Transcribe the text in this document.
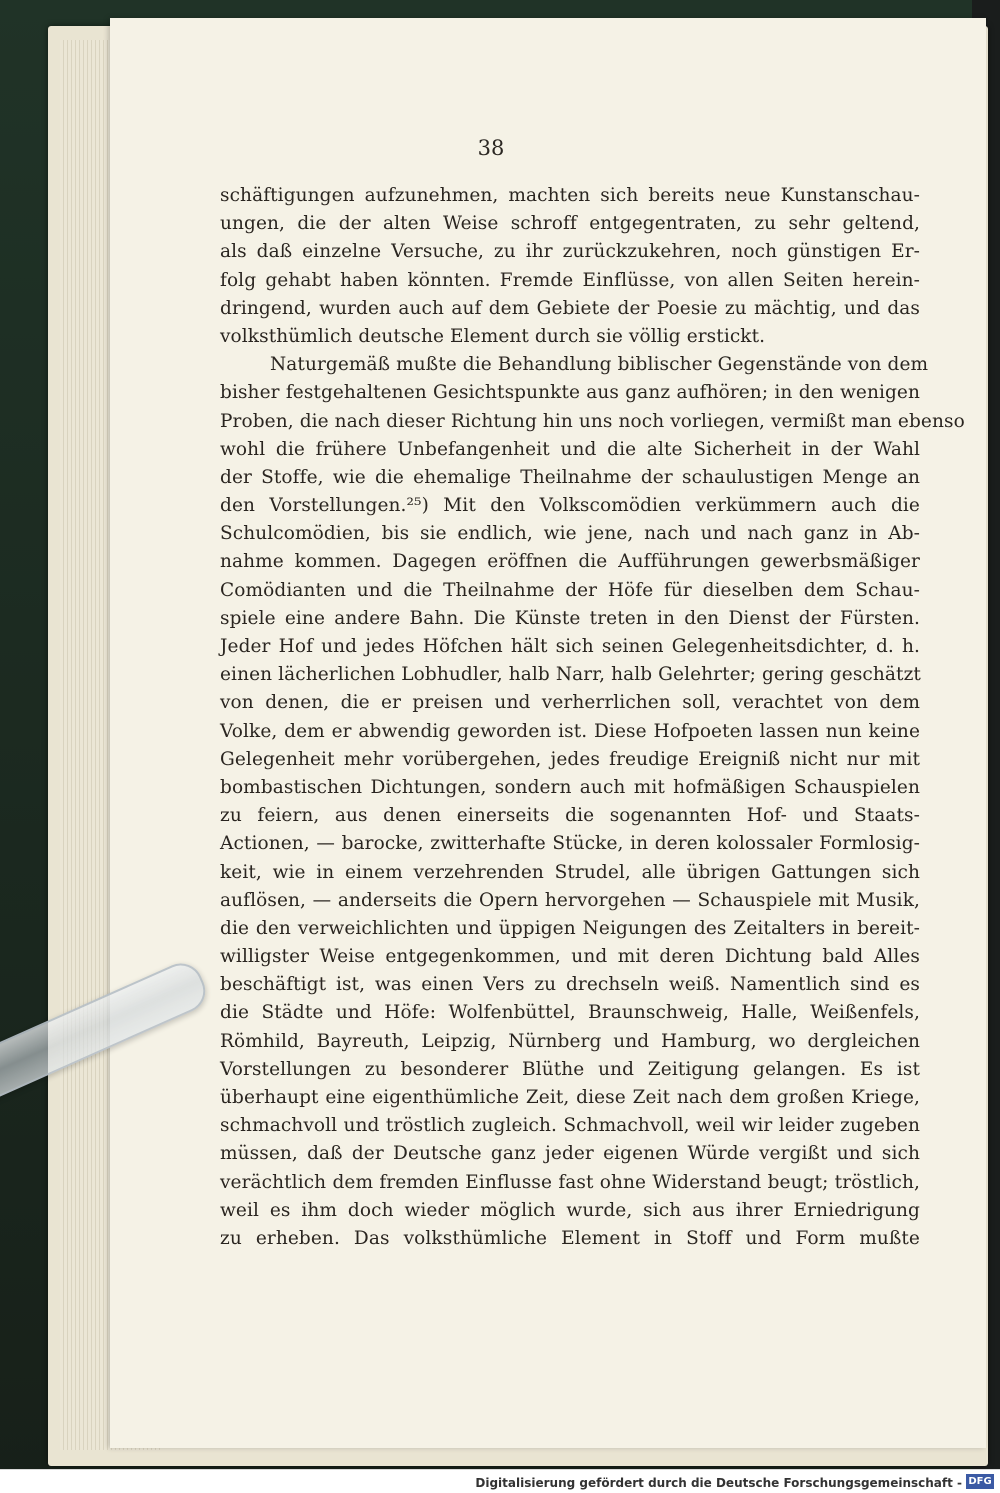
38
schäftigungen aufzunehmen, machten sich bereits neue Kunstanschau-
ungen, die der alten Weise schroff entgegentraten, zu sehr geltend,
als daß einzelne Versuche, zu ihr zurückzukehren, noch günstigen Er-
folg gehabt haben könnten. Fremde Einflüsse, von allen Seiten herein-
dringend, wurden auch auf dem Gebiete der Poesie zu mächtig, und das
volksthümlich deutsche Element durch sie völlig erstickt.
Naturgemäß mußte die Behandlung biblischer Gegenstände von dem
bisher festgehaltenen Gesichtspunkte aus ganz aufhören; in den wenigen
Proben, die nach dieser Richtung hin uns noch vorliegen, vermißt man ebenso
wohl die frühere Unbefangenheit und die alte Sicherheit in der Wahl
der Stoffe, wie die ehemalige Theilnahme der schaulustigen Menge an
den Vorstellungen.²⁵) Mit den Volkscomödien verkümmern auch die
Schulcomödien, bis sie endlich, wie jene, nach und nach ganz in Ab-
nahme kommen. Dagegen eröffnen die Aufführungen gewerbsmäßiger
Comödianten und die Theilnahme der Höfe für dieselben dem Schau-
spiele eine andere Bahn. Die Künste treten in den Dienst der Fürsten.
Jeder Hof und jedes Höfchen hält sich seinen Gelegenheitsdichter, d. h.
einen lächerlichen Lobhudler, halb Narr, halb Gelehrter; gering geschätzt
von denen, die er preisen und verherrlichen soll, verachtet von dem
Volke, dem er abwendig geworden ist. Diese Hofpoeten lassen nun keine
Gelegenheit mehr vorübergehen, jedes freudige Ereigniß nicht nur mit
bombastischen Dichtungen, sondern auch mit hofmäßigen Schauspielen
zu feiern, aus denen einerseits die sogenannten Hof- und Staats-
Actionen, — barocke, zwitterhafte Stücke, in deren kolossaler Formlosig-
keit, wie in einem verzehrenden Strudel, alle übrigen Gattungen sich
auflösen, — anderseits die Opern hervorgehen — Schauspiele mit Musik,
die den verweichlichten und üppigen Neigungen des Zeitalters in bereit-
willigster Weise entgegenkommen, und mit deren Dichtung bald Alles
beschäftigt ist, was einen Vers zu drechseln weiß. Namentlich sind es
die Städte und Höfe: Wolfenbüttel, Braunschweig, Halle, Weißenfels,
Römhild, Bayreuth, Leipzig, Nürnberg und Hamburg, wo dergleichen
Vorstellungen zu besonderer Blüthe und Zeitigung gelangen. Es ist
überhaupt eine eigenthümliche Zeit, diese Zeit nach dem großen Kriege,
schmachvoll und tröstlich zugleich. Schmachvoll, weil wir leider zugeben
müssen, daß der Deutsche ganz jeder eigenen Würde vergißt und sich
verächtlich dem fremden Einflusse fast ohne Widerstand beugt; tröstlich,
weil es ihm doch wieder möglich wurde, sich aus ihrer Erniedrigung
zu erheben. Das volksthümliche Element in Stoff und Form mußte
Digitalisierung gefördert durch die Deutsche Forschungsgemeinschaft - DFG
